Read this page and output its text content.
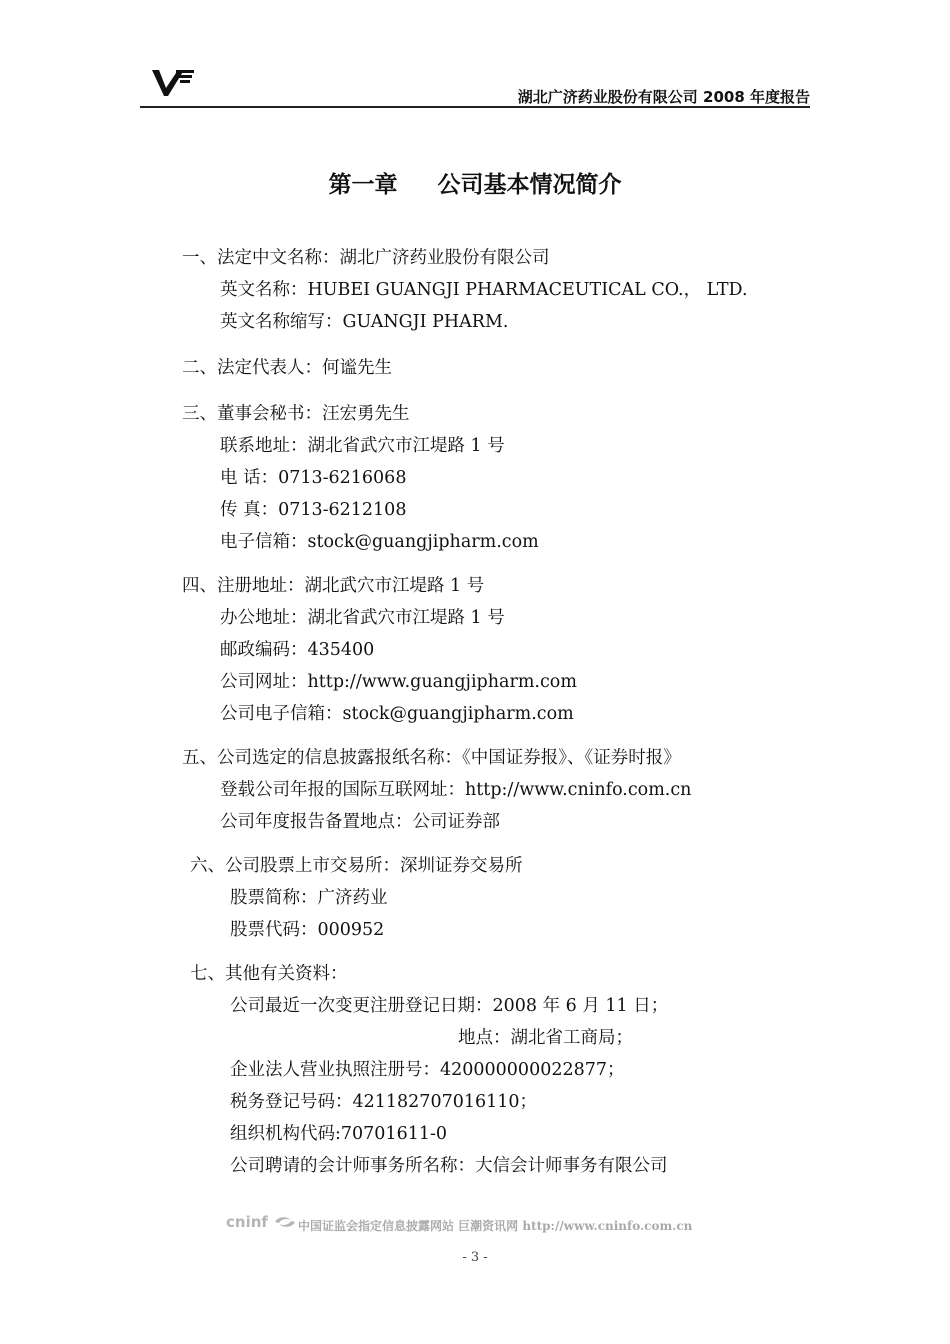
湖北广济药业股份有限公司 2008 年度报告
第一章 公司基本情况简介
一、法定中文名称：湖北广济药业股份有限公司
英文名称：HUBEI GUANGJI PHARMACEUTICAL CO.， LTD.
英文名称缩写：GUANGJI PHARM.
二、法定代表人：何谧先生
三、董事会秘书：汪宏勇先生
联系地址：湖北省武穴市江堤路 1 号
电 话：0713-6216068
传 真：0713-6212108
电子信箱：stock@guangjipharm.com
四、注册地址：湖北武穴市江堤路 1 号
办公地址：湖北省武穴市江堤路 1 号
邮政编码：435400
公司网址：http://www.guangjipharm.com
公司电子信箱：stock@guangjipharm.com
五、公司选定的信息披露报纸名称：《中国证券报》、《证券时报》
登载公司年报的国际互联网址：http://www.cninfo.com.cn
公司年度报告备置地点：公司证券部
六、公司股票上市交易所：深圳证券交易所
股票简称：广济药业
股票代码：000952
七、其他有关资料：
公司最近一次变更注册登记日期：2008 年 6 月 11 日；
地点：湖北省工商局；
企业法人营业执照注册号：420000000022877；
税务登记号码：421182707016110；
组织机构代码:70701611-0
公司聘请的会计师事务所名称：大信会计师事务有限公司
cninf	中国证监会指定信息披露网站 巨潮资讯网 http://www.cninfo.com.cn
- 3 -
